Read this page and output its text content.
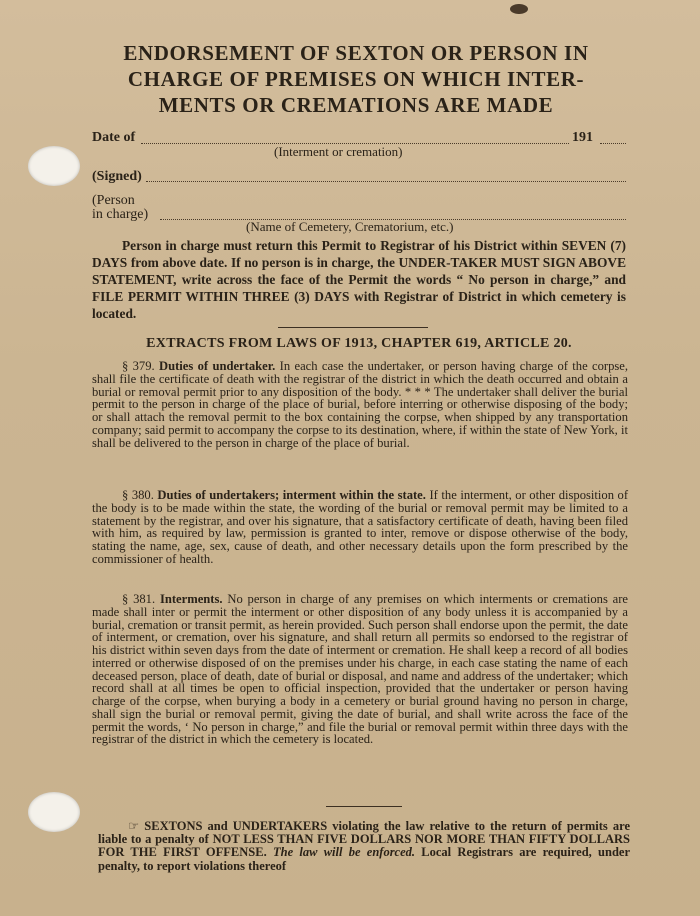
ENDORSEMENT OF SEXTON OR PERSON IN
CHARGE OF PREMISES ON WHICH INTER-
MENTS OR CREMATIONS ARE MADE
Date of	191
(Interment or cremation)
(Signed)
(Person
in charge)
(Name of Cemetery, Crematorium, etc.)
Person in charge must return this Permit to Registrar of his District within SEVEN (7) DAYS from above date. If no person is in charge, the UNDER-TAKER MUST SIGN ABOVE STATEMENT, write across the face of the Permit the words “ No person in charge,” and FILE PERMIT WITHIN THREE (3) DAYS with Registrar of District in which cemetery is located.
EXTRACTS FROM LAWS OF 1913, CHAPTER 619, ARTICLE 20.
§ 379. Duties of undertaker. In each case the undertaker, or person having charge of the corpse, shall file the certificate of death with the registrar of the district in which the death occurred and obtain a burial or removal permit prior to any disposition of the body. * * * The undertaker shall deliver the burial permit to the person in charge of the place of burial, before interring or otherwise disposing of the body; or shall attach the removal permit to the box containing the corpse, when shipped by any transportation company; said permit to accompany the corpse to its destination, where, if within the state of New York, it shall be delivered to the person in charge of the place of burial.
§ 380. Duties of undertakers; interment within the state. If the interment, or other disposition of the body is to be made within the state, the wording of the burial or removal permit may be limited to a statement by the registrar, and over his signature, that a satisfactory certificate of death, having been filed with him, as required by law, permission is granted to inter, remove or dispose otherwise of the body, stating the name, age, sex, cause of death, and other necessary details upon the form prescribed by the commissioner of health.
§ 381. Interments. No person in charge of any premises on which interments or cremations are made shall inter or permit the interment or other disposition of any body unless it is accompanied by a burial, cremation or transit permit, as herein provided. Such person shall endorse upon the permit, the date of interment, or cremation, over his signature, and shall return all permits so endorsed to the registrar of his district within seven days from the date of interment or cremation. He shall keep a record of all bodies interred or otherwise disposed of on the premises under his charge, in each case stating the name of each deceased person, place of death, date of burial or disposal, and name and address of the undertaker; which record shall at all times be open to official inspection, provided that the undertaker or person having charge of the corpse, when burying a body in a cemetery or burial ground having no person in charge, shall sign the burial or removal permit, giving the date of burial, and shall write across the face of the permit the words, ‘ No person in charge,” and file the burial or removal permit within three days with the registrar of the district in which the cemetery is located.
☞ SEXTONS and UNDERTAKERS violating the law relative to the return of permits are liable to a penalty of NOT LESS THAN FIVE DOLLARS NOR MORE THAN FIFTY DOLLARS FOR THE FIRST OFFENSE. The law will be enforced. Local Registrars are required, under penalty, to report violations thereof
